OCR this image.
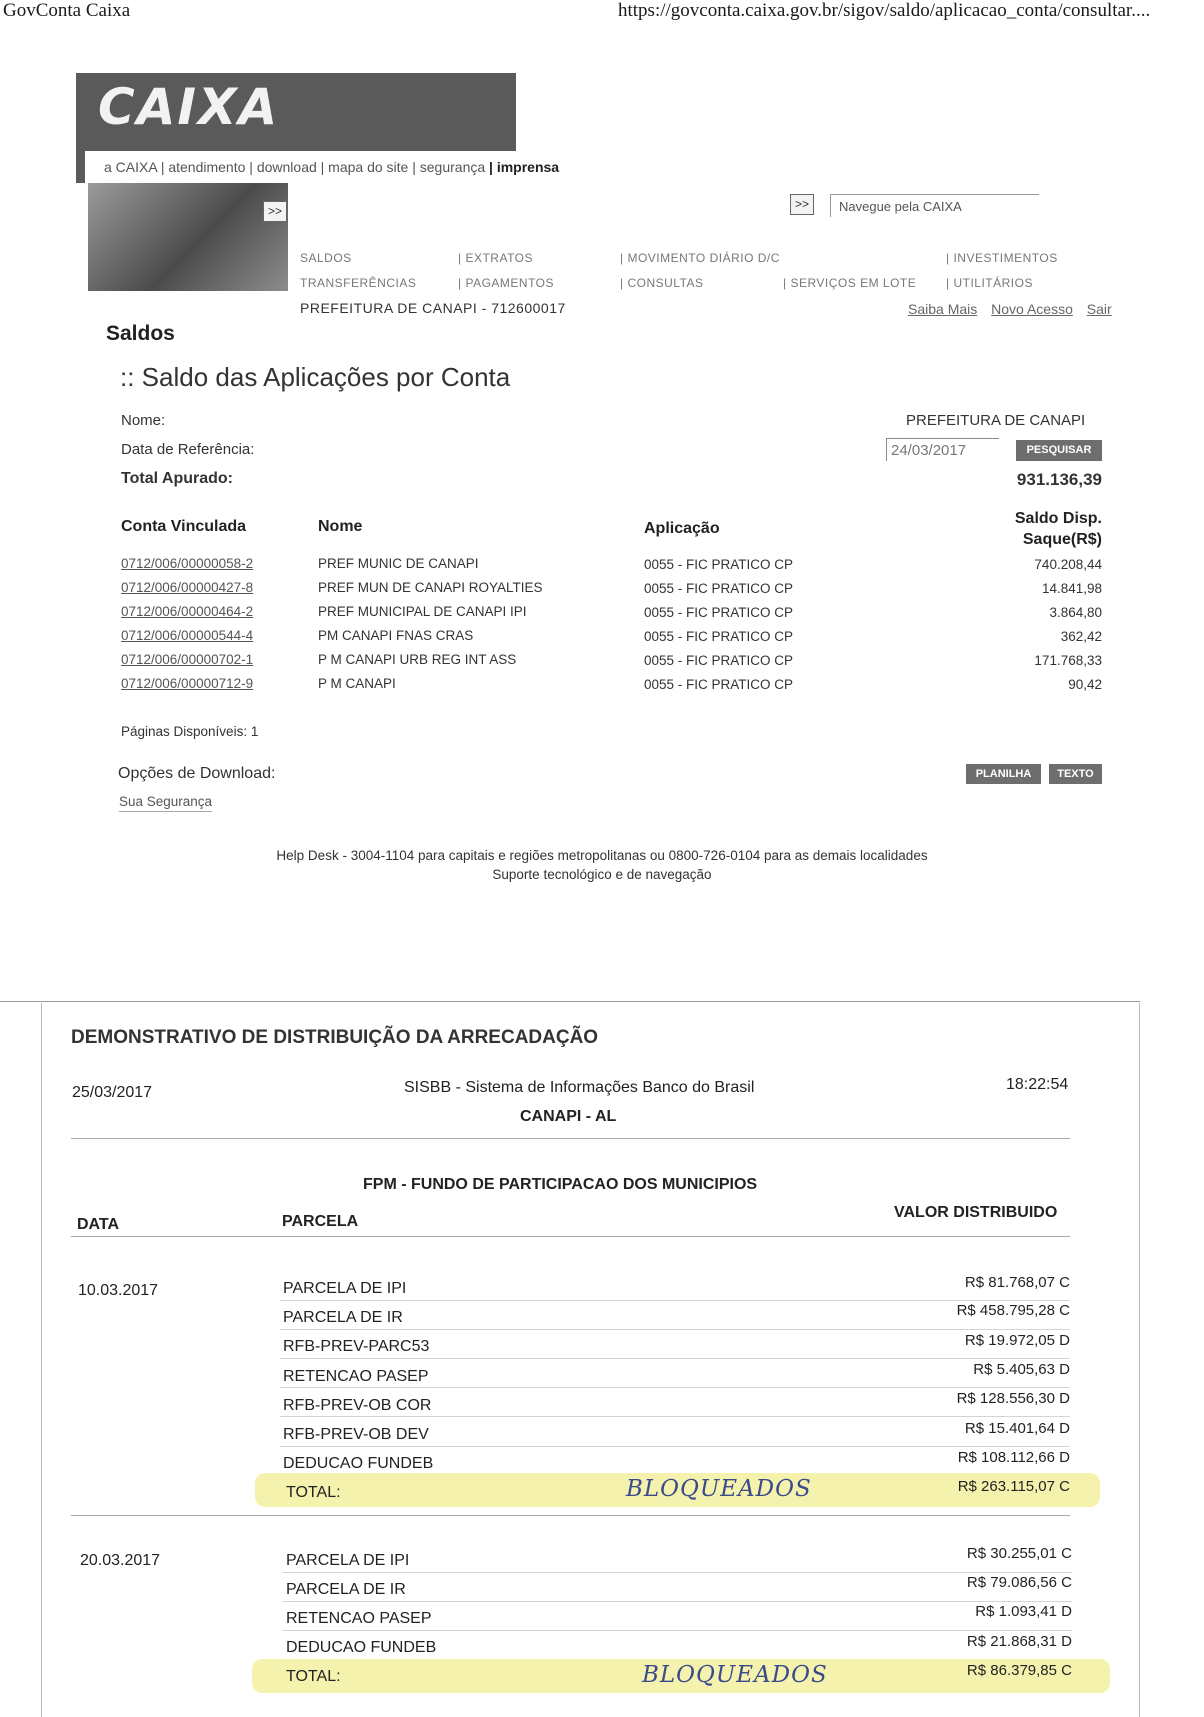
GovConta Caixa	https://govconta.caixa.gov.br/sigov/saldo/aplicacao_conta/consultar....
CAIXA
a CAIXA | atendimento | download | mapa do site | segurança | imprensa
>>	>>	Navegue pela CAIXA
SALDOS	| EXTRATOS	| MOVIMENTO DIÁRIO D/C	| INVESTIMENTOS
TRANSFERÊNCIAS	| PAGAMENTOS	| CONSULTAS	| SERVIÇOS EM LOTE | UTILITÁRIOS
PREFEITURA DE CANAPI - 712600017	Saiba Mais Novo Acesso Sair
Saldos
:: Saldo das Aplicações por Conta
Nome:	PREFEITURA DE CANAPI
Data de Referência:	24/03/2017	PESQUISAR
Total Apurado:	931.136,39
Conta Vinculada	Nome	Aplicação
Saldo Disp.
Saque(R$)
0712/006/00000058-2	PREF MUNIC DE CANAPI	0055 - FIC PRATICO CP	740.208,44
0712/006/00000427-8	PREF MUN DE CANAPI ROYALTIES	0055 - FIC PRATICO CP	14.841,98
0712/006/00000464-2	PREF MUNICIPAL DE CANAPI IPI	0055 - FIC PRATICO CP	3.864,80
0712/006/00000544-4	PM CANAPI FNAS CRAS	0055 - FIC PRATICO CP	362,42
0712/006/00000702-1	P M CANAPI URB REG INT ASS	0055 - FIC PRATICO CP	171.768,33
0712/006/00000712-9	P M CANAPI	0055 - FIC PRATICO CP	90,42
Páginas Disponíveis: 1
Opções de Download:	PLANILHA	TEXTO
Sua Segurança
Help Desk - 3004-1104 para capitais e regiões metropolitanas ou 0800-726-0104 para as demais localidades
Suporte tecnológico e de navegação
DEMONSTRATIVO DE DISTRIBUIÇÃO DA ARRECADAÇÃO
25/03/2017	SISBB - Sistema de Informações Banco do Brasil	18:22:54
CANAPI - AL
FPM - FUNDO DE PARTICIPACAO DOS MUNICIPIOS
DATA	PARCELA
VALOR DISTRIBUIDO
10.03.2017	PARCELA DE IPI	R$ 81.768,07 C
PARCELA DE IR	R$ 458.795,28 C
RFB-PREV-PARC53	R$ 19.972,05 D
RETENCAO PASEP	R$ 5.405,63 D
RFB-PREV-OB COR	R$ 128.556,30 D
RFB-PREV-OB DEV	R$ 15.401,64 D
DEDUCAO FUNDEB	R$ 108.112,66 D
TOTAL:	BLOQUEADOS	R$ 263.115,07 C
20.03.2017	PARCELA DE IPI	R$ 30.255,01 C
PARCELA DE IR	R$ 79.086,56 C
RETENCAO PASEP	R$ 1.093,41 D
DEDUCAO FUNDEB	R$ 21.868,31 D
TOTAL:	BLOQUEADOS	R$ 86.379,85 C
